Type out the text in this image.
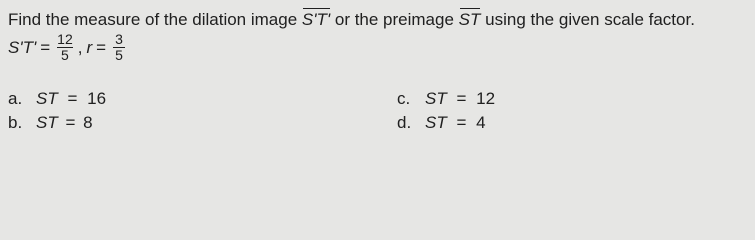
Find the measure of the dilation image S'T' or the preimage ST using the given scale factor.
$S'T' = \frac{12}{5}$ , $r = \frac{3}{5}$
a. ST = 16
b. ST = 8
c. ST = 12
d. ST = 4
